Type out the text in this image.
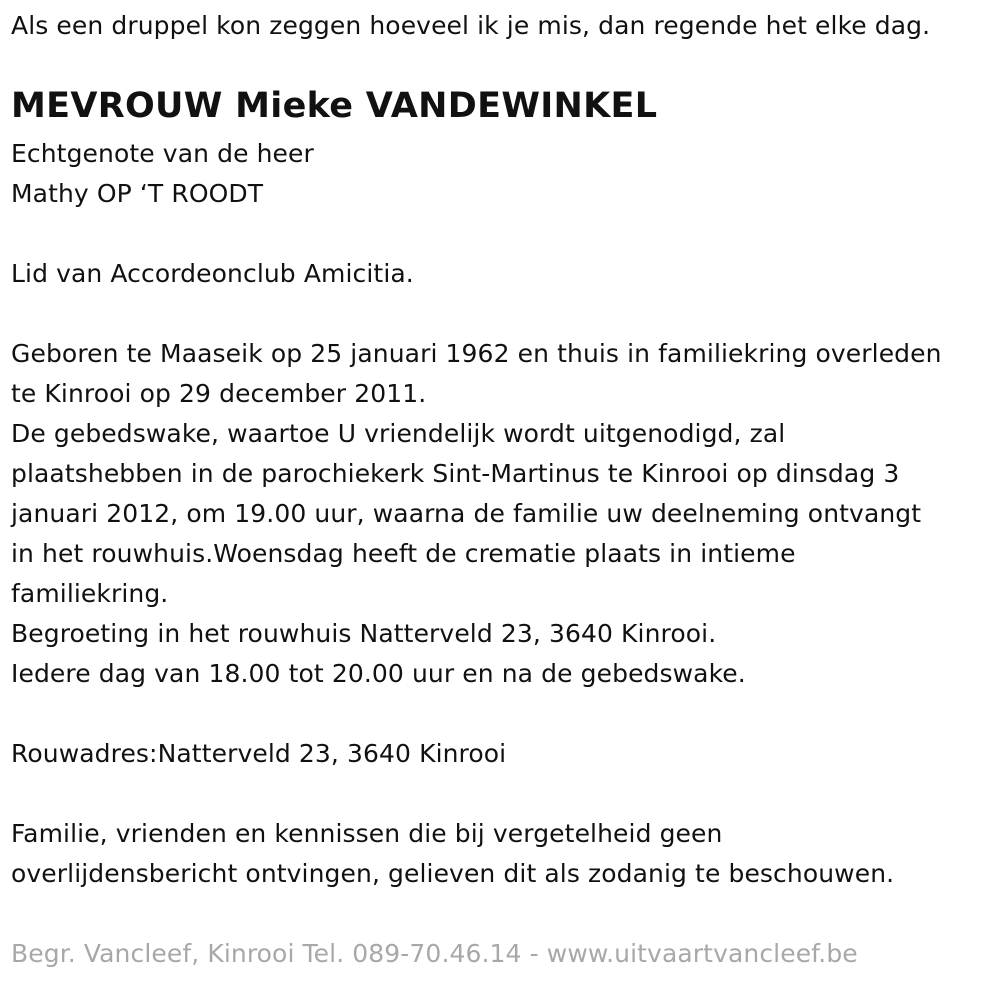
Als een druppel kon zeggen hoeveel ik je mis, dan regende het elke dag.
MEVROUW Mieke VANDEWINKEL
Echtgenote van de heer
Mathy OP ‘T ROODT
Lid van Accordeonclub Amicitia.
Geboren te Maaseik op 25 januari 1962 en thuis in familiekring overleden
te Kinrooi op 29 december 2011.
De gebedswake, waartoe U vriendelijk wordt uitgenodigd, zal
plaatshebben in de parochiekerk Sint-Martinus te Kinrooi op dinsdag 3
januari 2012, om 19.00 uur, waarna de familie uw deelneming ontvangt
in het rouwhuis.Woensdag heeft de crematie plaats in intieme
familiekring.
Begroeting in het rouwhuis Natterveld 23, 3640 Kinrooi.
Iedere dag van 18.00 tot 20.00 uur en na de gebedswake.
Rouwadres:Natterveld 23, 3640 Kinrooi
Familie, vrienden en kennissen die bij vergetelheid geen
overlijdensbericht ontvingen, gelieven dit als zodanig te beschouwen.
Begr. Vancleef, Kinrooi Tel. 089-70.46.14 - www.uitvaartvancleef.be
